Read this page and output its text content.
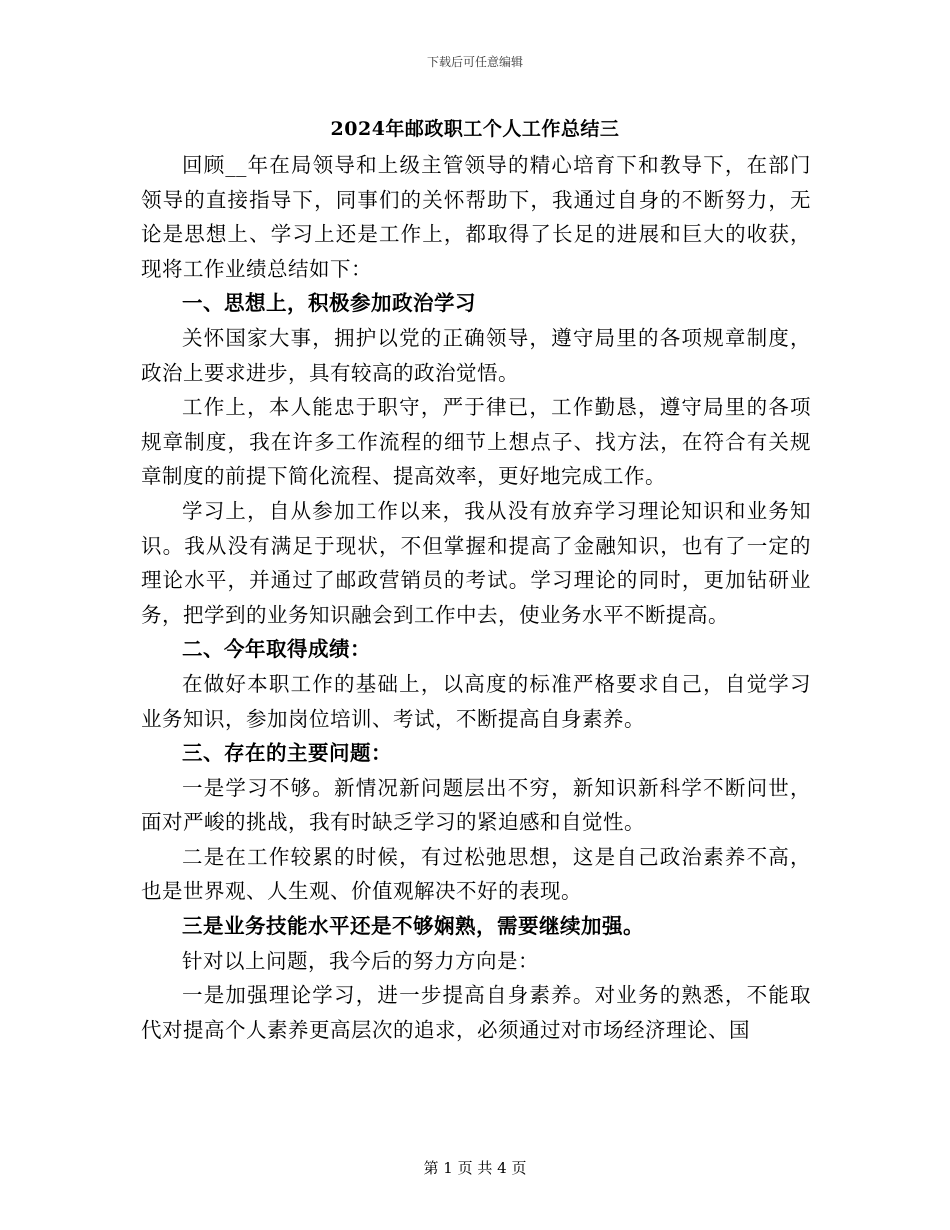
下载后可任意编辑
2024年邮政职工个人工作总结三

回顾__年在局领导和上级主管领导的精心培育下和教导下，在部门领导的直接指导下，同事们的关怀帮助下，我通过自身的不断努力，无论是思想上、学习上还是工作上，都取得了长足的进展和巨大的收获，现将工作业绩总结如下：

一、思想上，积极参加政治学习

关怀国家大事，拥护以党的正确领导，遵守局里的各项规章制度，政治上要求进步，具有较高的政治觉悟。

工作上，本人能忠于职守，严于律已，工作勤恳，遵守局里的各项规章制度，我在许多工作流程的细节上想点子、找方法，在符合有关规章制度的前提下简化流程、提高效率，更好地完成工作。

学习上，自从参加工作以来，我从没有放弃学习理论知识和业务知识。我从没有满足于现状，不但掌握和提高了金融知识，也有了一定的理论水平，并通过了邮政营销员的考试。学习理论的同时，更加钻研业务，把学到的业务知识融会到工作中去，使业务水平不断提高。

二、今年取得成绩：

在做好本职工作的基础上，以高度的标准严格要求自己，自觉学习业务知识，参加岗位培训、考试，不断提高自身素养。

三、存在的主要问题：

一是学习不够。新情况新问题层出不穷，新知识新科学不断问世，面对严峻的挑战，我有时缺乏学习的紧迫感和自觉性。

二是在工作较累的时候，有过松弛思想，这是自己政治素养不高，也是世界观、人生观、价值观解决不好的表现。

三是业务技能水平还是不够娴熟，需要继续加强。

针对以上问题，我今后的努力方向是：

一是加强理论学习，进一步提高自身素养。对业务的熟悉，不能取代对提高个人素养更高层次的追求，必须通过对市场经济理论、国

第 1 页 共 4 页
